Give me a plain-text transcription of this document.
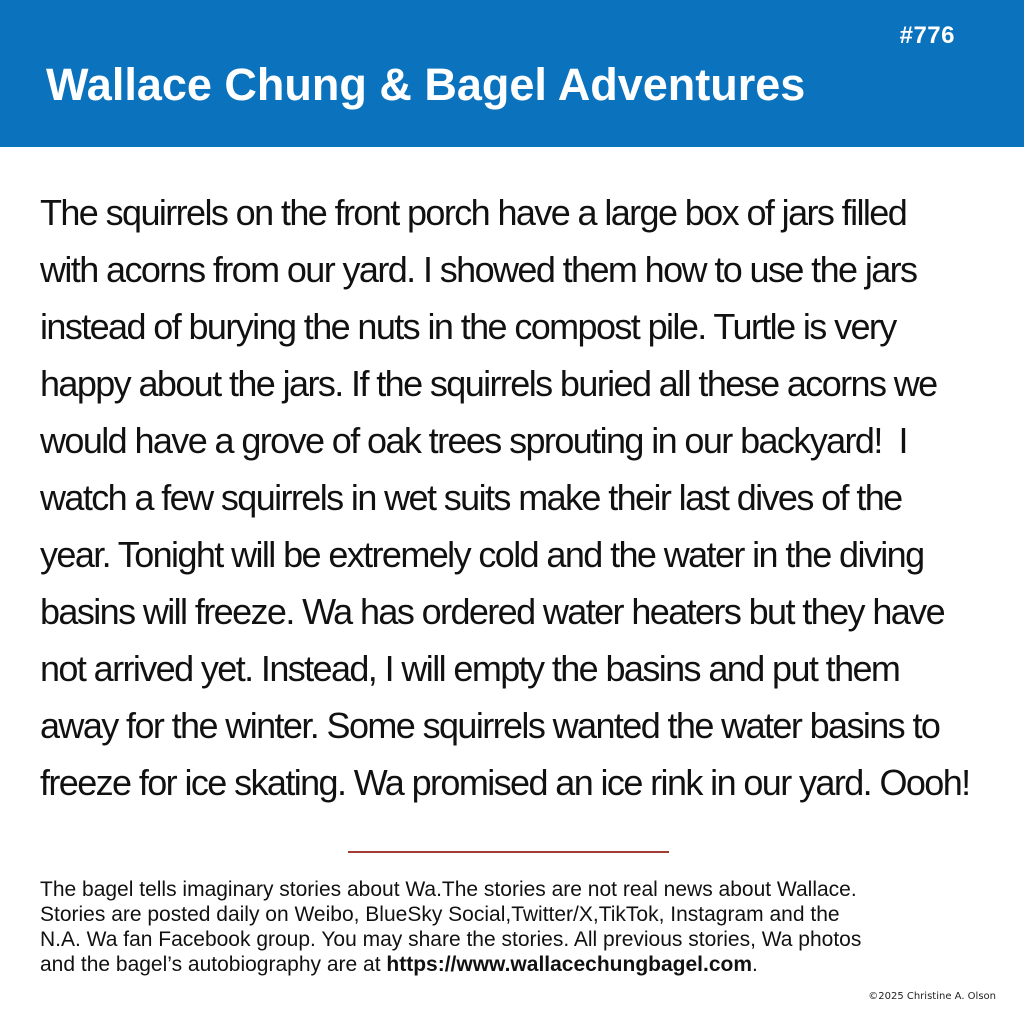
#776
Wallace Chung & Bagel Adventures
The squirrels on the front porch have a large box of jars filled
with acorns from our yard. I showed them how to use the jars
instead of burying the nuts in the compost pile. Turtle is very
happy about the jars. If the squirrels buried all these acorns we
would have a grove of oak trees sprouting in our backyard!  I
watch a few squirrels in wet suits make their last dives of the
year. Tonight will be extremely cold and the water in the diving
basins will freeze. Wa has ordered water heaters but they have
not arrived yet. Instead, I will empty the basins and put them
away for the winter. Some squirrels wanted the water basins to
freeze for ice skating. Wa promised an ice rink in our yard. Oooh!
The bagel tells imaginary stories about Wa.The stories are not real news about Wallace.
Stories are posted daily on Weibo, BlueSky Social,Twitter/X,TikTok, Instagram and the
N.A. Wa fan Facebook group. You may share the stories. All previous stories, Wa photos
and the bagel’s autobiography are at https://www.wallacechungbagel.com.
©2025 Christine A. Olson
